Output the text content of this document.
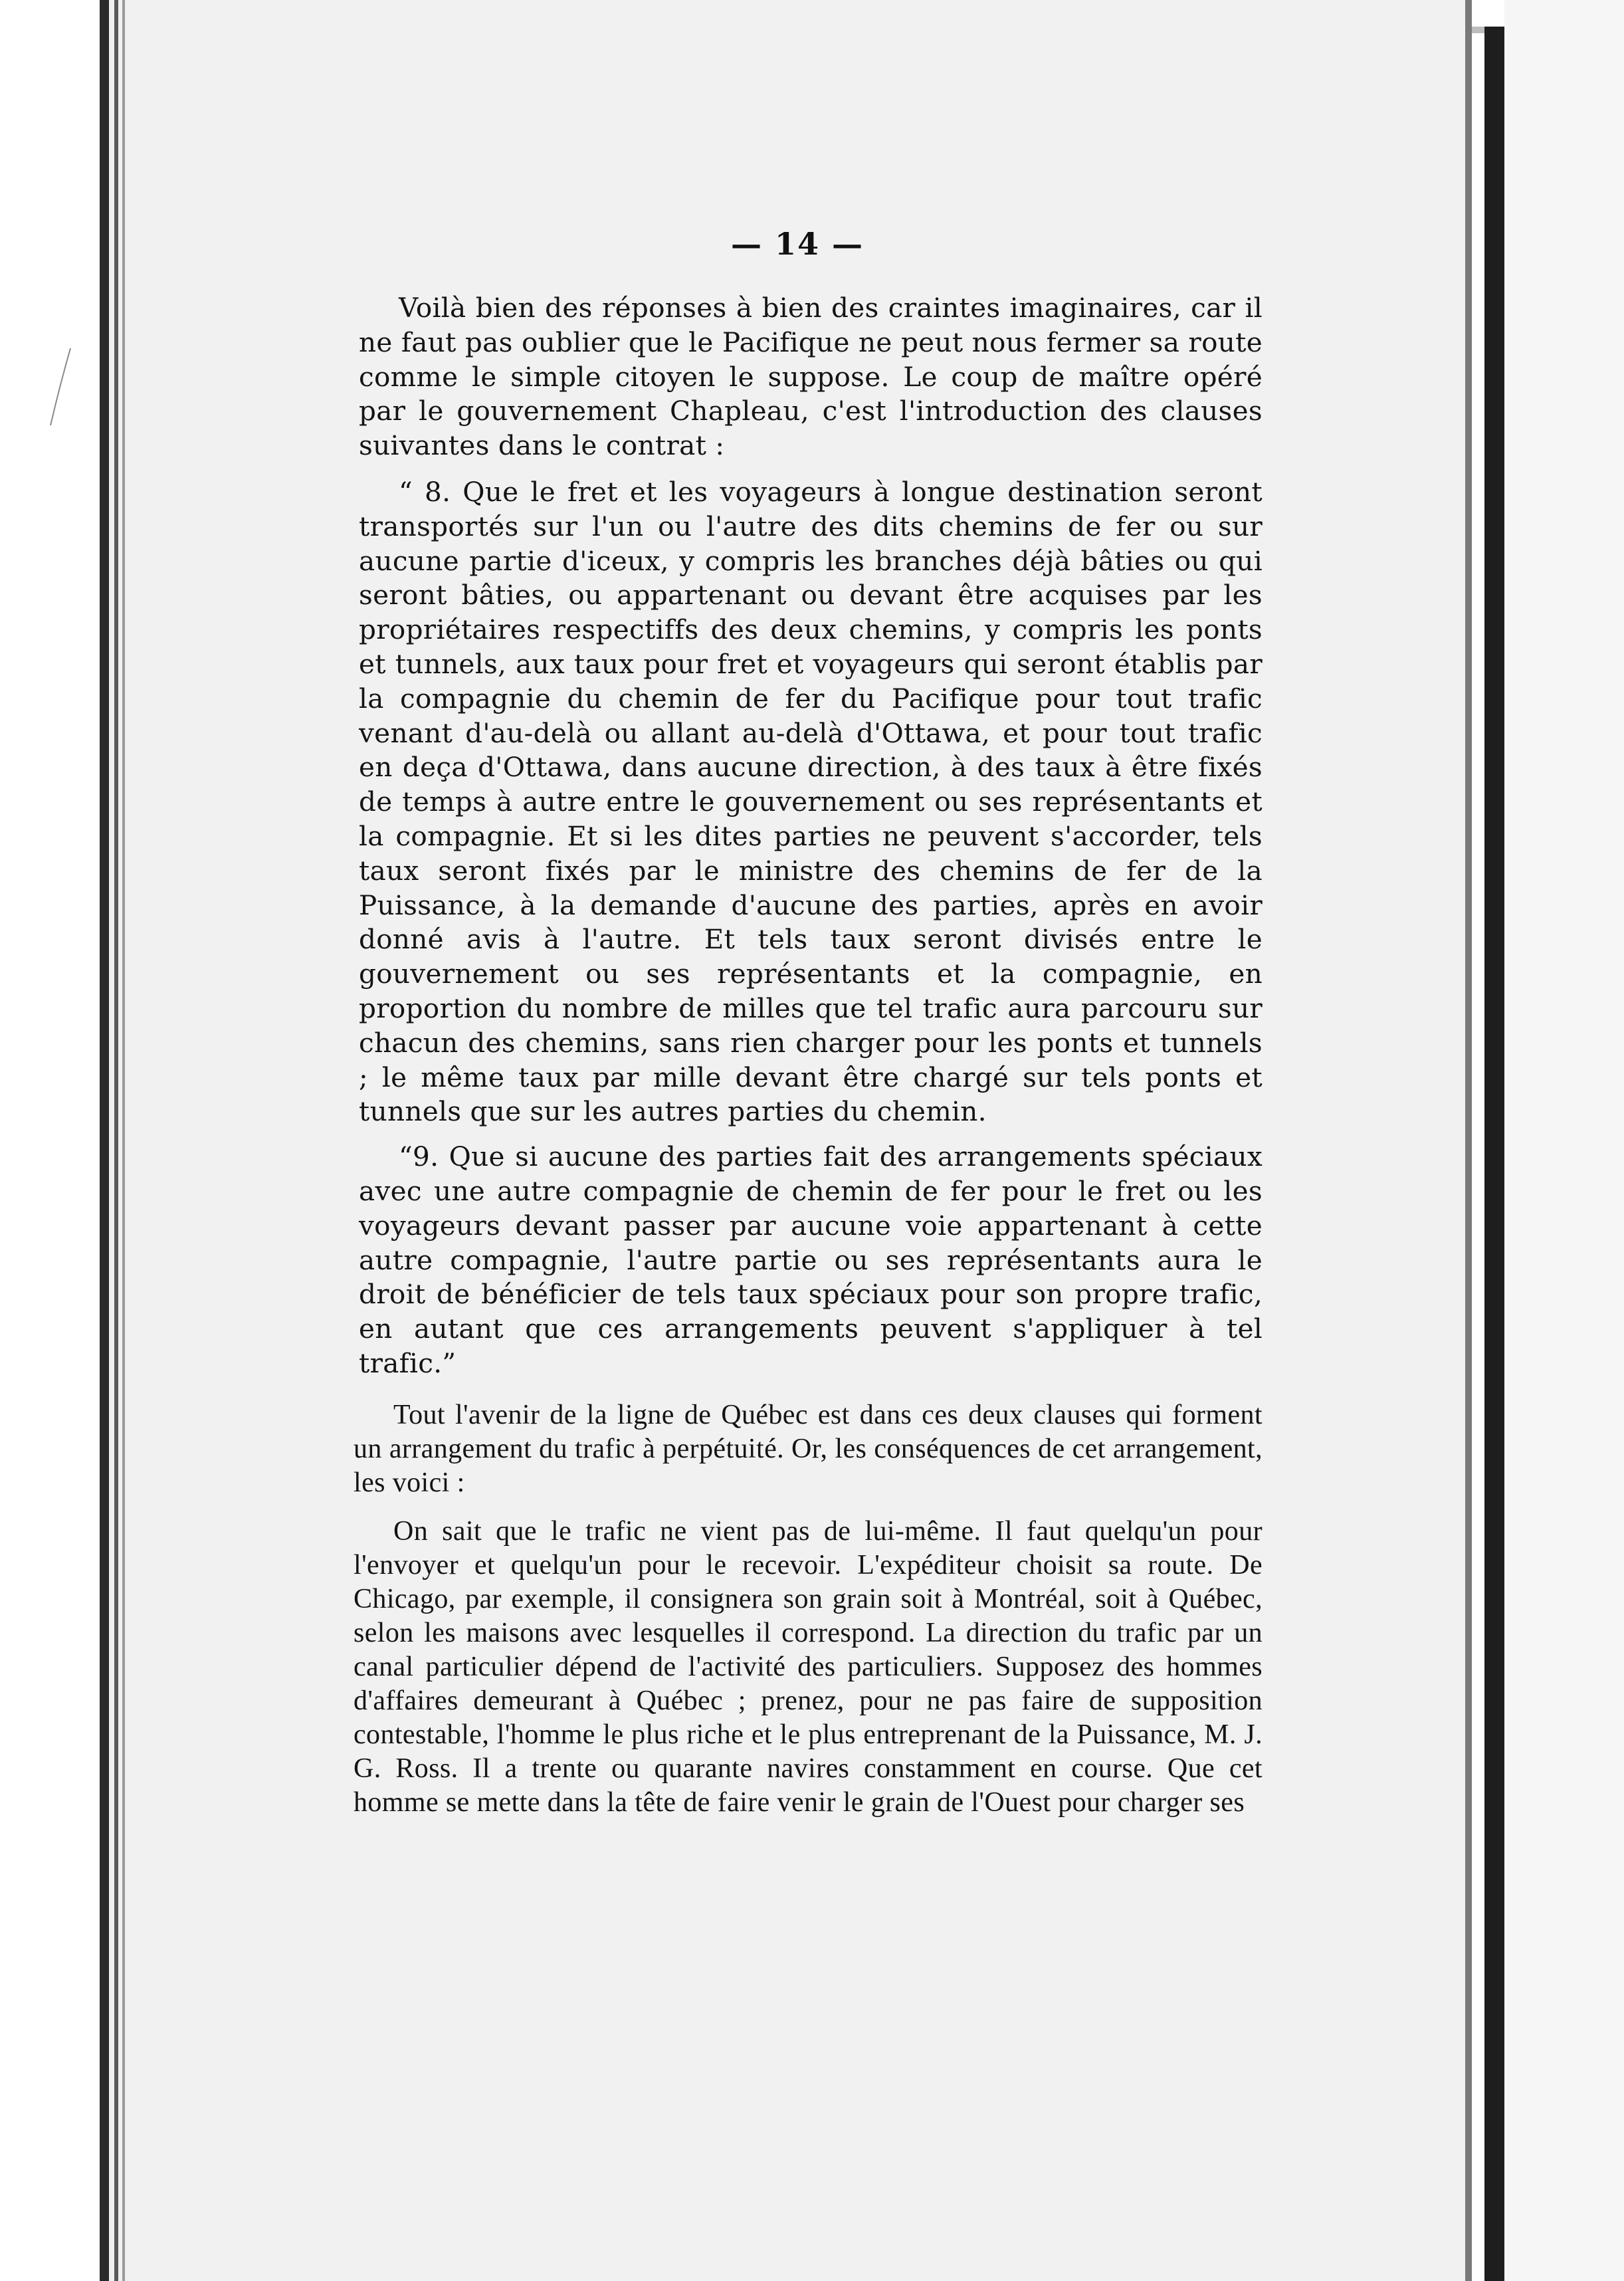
— 14 —

Voilà bien des réponses à bien des craintes imaginaires, car il ne faut pas oublier que le Pacifique ne peut nous fermer sa route comme le simple citoyen le suppose. Le coup de maître opéré par le gouvernement Chapleau, c'est l'introduction des clauses suivantes dans le contrat :

“ 8. Que le fret et les voyageurs à longue destination seront transportés sur l'un ou l'autre des dits chemins de fer ou sur aucune partie d'iceux, y compris les branches déjà bâties ou qui seront bâties, ou appartenant ou devant être acquises par les propriétaires respectiffs des deux chemins, y compris les ponts et tunnels, aux taux pour fret et voyageurs qui seront établis par la compagnie du chemin de fer du Pacifique pour tout trafic venant d'au-delà ou allant au-delà d'Ottawa, et pour tout trafic en deça d'Ottawa, dans aucune direction, à des taux à être fixés de temps à autre entre le gouvernement ou ses représentants et la compagnie. Et si les dites parties ne peuvent s'accorder, tels taux seront fixés par le ministre des chemins de fer de la Puissance, à la demande d'aucune des parties, après en avoir donné avis à l'autre. Et tels taux seront divisés entre le gouvernement ou ses représentants et la compagnie, en proportion du nombre de milles que tel trafic aura parcouru sur chacun des chemins, sans rien charger pour les ponts et tunnels ; le même taux par mille devant être chargé sur tels ponts et tunnels que sur les autres parties du chemin.

“9. Que si aucune des parties fait des arrangements spéciaux avec une autre compagnie de chemin de fer pour le fret ou les voyageurs devant passer par aucune voie appartenant à cette autre compagnie, l'autre partie ou ses représentants aura le droit de bénéficier de tels taux spéciaux pour son propre trafic, en autant que ces arrangements peuvent s'appliquer à tel trafic.”

Tout l'avenir de la ligne de Québec est dans ces deux clauses qui forment un arrangement du trafic à perpétuité. Or, les conséquences de cet arrangement, les voici :

On sait que le trafic ne vient pas de lui-même. Il faut quelqu'un pour l'envoyer et quelqu'un pour le recevoir. L'expéditeur choisit sa route. De Chicago, par exemple, il consignera son grain soit à Montréal, soit à Québec, selon les maisons avec lesquelles il correspond. La direction du trafic par un canal particulier dépend de l'activité des particuliers. Supposez des hommes d'affaires demeurant à Québec ; prenez, pour ne pas faire de supposition contestable, l'homme le plus riche et le plus entreprenant de la Puissance, M. J. G. Ross. Il a trente ou quarante navires constamment en course. Que cet homme se mette dans la tête de faire venir le grain de l'Ouest pour charger ses
